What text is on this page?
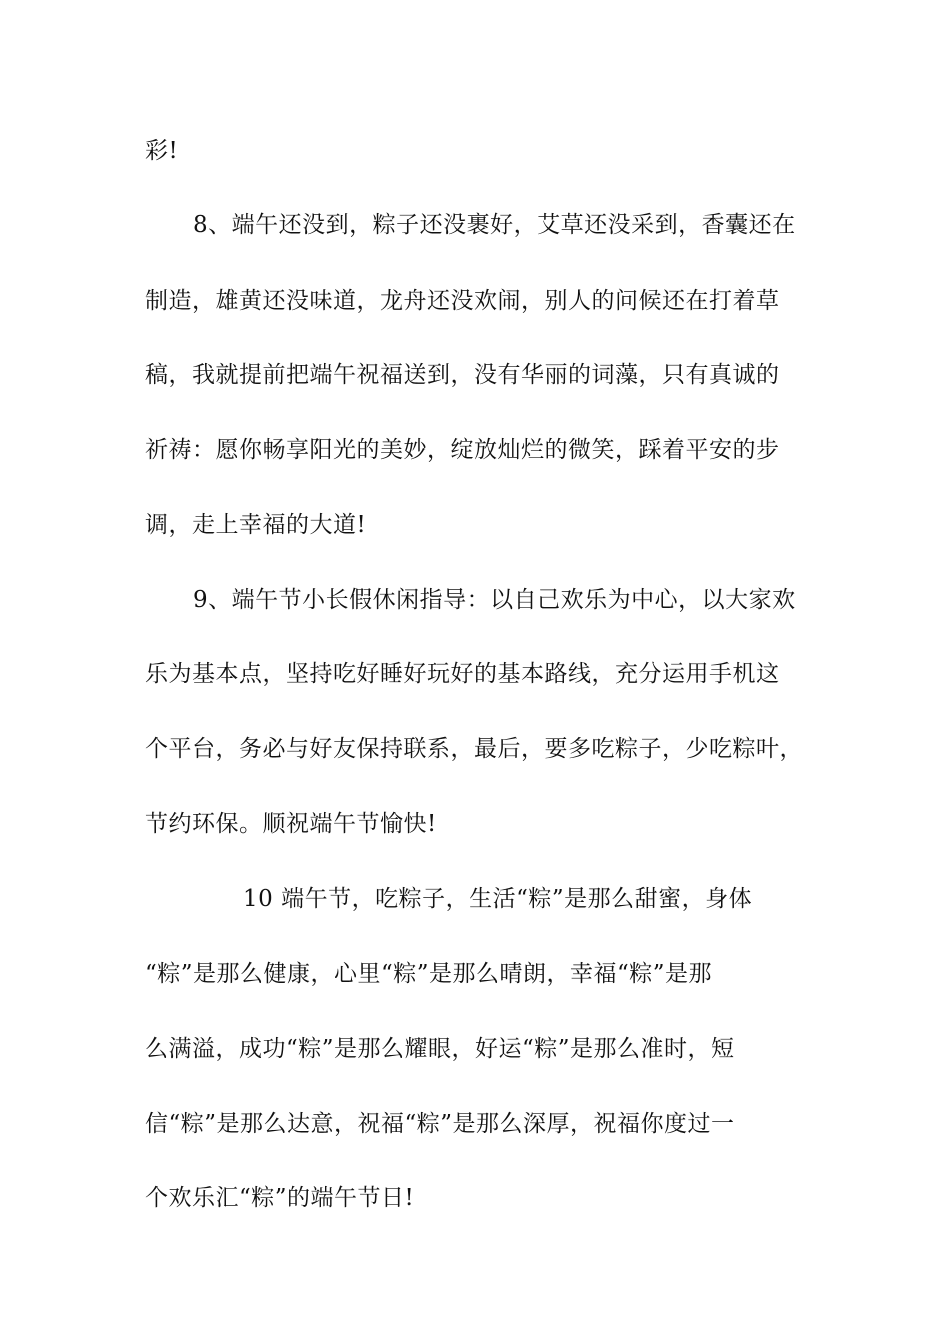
彩!
8、端午还没到，粽子还没裹好，艾草还没采到，香囊还在
制造，雄黄还没味道，龙舟还没欢闹，别人的问候还在打着草
稿，我就提前把端午祝福送到，没有华丽的词藻，只有真诚的
祈祷：愿你畅享阳光的美妙，绽放灿烂的微笑，踩着平安的步
调，走上幸福的大道!
9、端午节小长假休闲指导：以自己欢乐为中心，以大家欢
乐为基本点，坚持吃好睡好玩好的基本路线，充分运用手机这
个平台，务必与好友保持联系，最后，要多吃粽子，少吃粽叶，
节约环保。顺祝端午节愉快!
10 端午节，吃粽子，生活“粽”是那么甜蜜，身体
“粽”是那么健康，心里“粽”是那么晴朗，幸福“粽”是那
么满溢，成功“粽”是那么耀眼，好运“粽”是那么准时，短
信“粽”是那么达意，祝福“粽”是那么深厚，祝福你度过一
个欢乐汇“粽”的端午节日!
